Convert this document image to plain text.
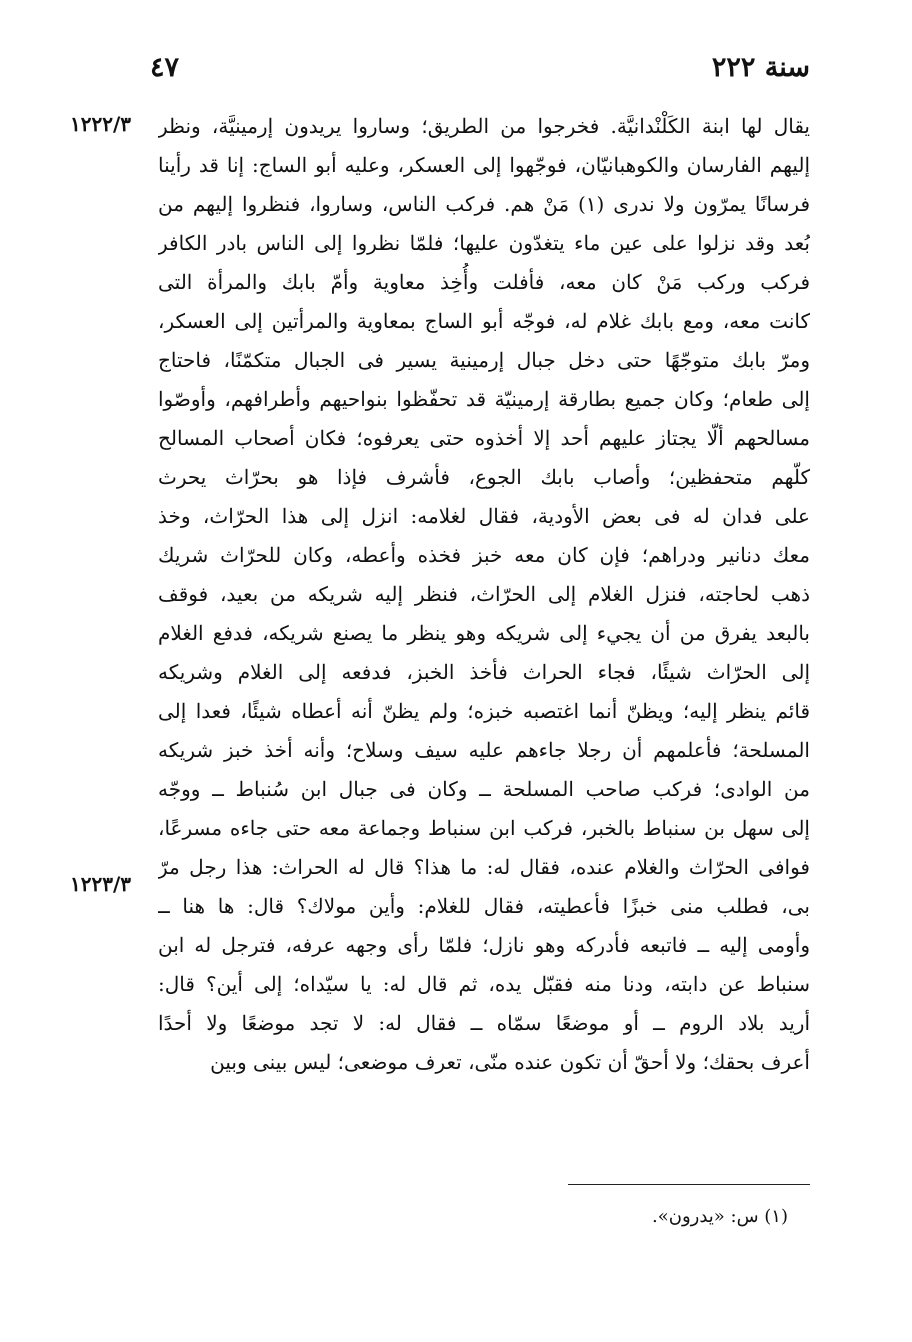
سنة ٢٢٢
٤٧
١٢٢٢/٣
١٢٢٣/٣
يقال لها ابنة الكَلْنْدانيَّة. فخرجوا من الطريق؛ وساروا يريدون إرمينيَّة، ونظر
إليهم الفارسان والكوهبانيّان، فوجّهوا إلى العسكر، وعليه أبو الساج: إنا قد رأينا
فرسانًا يمرّون ولا ندرى (١) مَنْ هم. فركب الناس، وساروا، فنظروا إليهم من
بُعد وقد نزلوا على عين ماء يتغدّون عليها؛ فلمّا نظروا إلى الناس بادر الكافر
فركب وركب مَنْ كان معه، فأفلت وأُخِذ معاوية وأمّ بابك والمرأة التى
كانت معه، ومع بابك غلام له، فوجّه أبو الساج بمعاوية والمرأتين إلى العسكر،
ومرّ بابك متوجّهًا حتى دخل جبال إرمينية يسير فى الجبال متكمّنًا، فاحتاج
إلى طعام؛ وكان جميع بطارقة إرمينيّة قد تحفّظوا بنواحيهم وأطرافهم، وأوصّوا
مسالحهم ألّا يجتاز عليهم أحد إلا أخذوه حتى يعرفوه؛ فكان أصحاب المسالح
كلّهم متحفظين؛ وأصاب بابك الجوع، فأشرف فإذا هو بحرّاث يحرث
على فدان له فى بعض الأودية، فقال لغلامه: انزل إلى هذا الحرّاث، وخذ
معك دنانير ودراهم؛ فإن كان معه خبز فخذه وأعطه، وكان للحرّاث شريك
ذهب لحاجته، فنزل الغلام إلى الحرّاث، فنظر إليه شريكه من بعيد، فوقف
بالبعد يفرق من أن يجيء إلى شريكه وهو ينظر ما يصنع شريكه، فدفع الغلام
إلى الحرّاث شيئًا، فجاء الحراث فأخذ الخبز، فدفعه إلى الغلام وشريكه
قائم ينظر إليه؛ ويظنّ أنما اغتصبه خبزه؛ ولم يظنّ أنه أعطاه شيئًا، فعدا إلى
المسلحة؛ فأعلمهم أن رجلا جاءهم عليه سيف وسلاح؛ وأنه أخذ خبز شريكه
من الوادى؛ فركب صاحب المسلحة ــ وكان فى جبال ابن سُنباط ــ ووجّه
إلى سهل بن سنباط بالخبر، فركب ابن سنباط وجماعة معه حتى جاءه مسرعًا،
فوافى الحرّاث والغلام عنده، فقال له: ما هذا؟ قال له الحراث: هذا رجل مرّ
بى، فطلب منى خبزًا فأعطيته، فقال للغلام: وأين مولاك؟ قال: ها هنا ــ
وأومى إليه ــ فاتبعه فأدركه وهو نازل؛ فلمّا رأى وجهه عرفه، فترجل له ابن
سنباط عن دابته، ودنا منه فقبّل يده، ثم قال له: يا سيّداه؛ إلى أين؟ قال:
أريد بلاد الروم ــ أو موضعًا سمّاه ــ فقال له: لا تجد موضعًا ولا أحدًا
أعرف بحقك؛ ولا أحقّ أن تكون عنده منّى، تعرف موضعى؛ ليس بينى وبين
(١) س: «يدرون».
